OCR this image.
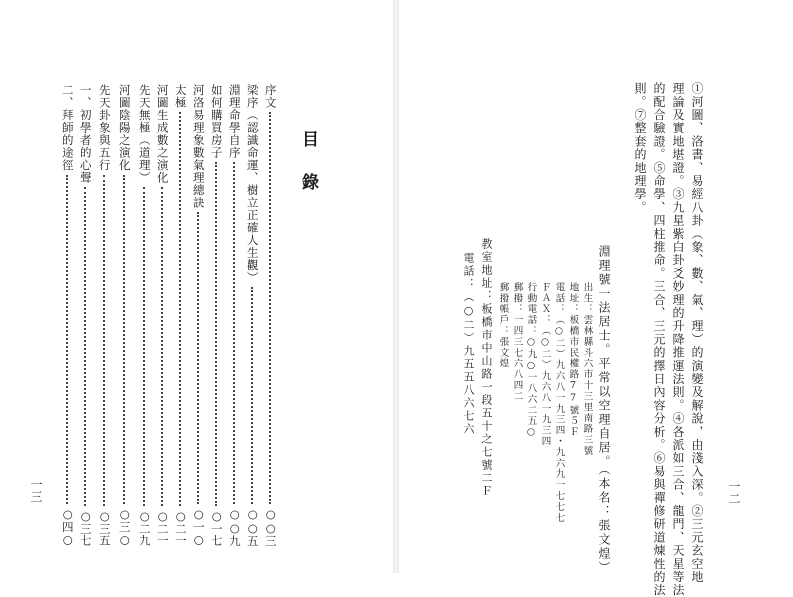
一二
①河圖、洛書、易經八卦（象、數、氣、理）的演變及解說，由淺入深。②三元玄空地
理論及實地堪證。③九星紫白卦爻妙理的升降推運法則。④各派如三合、龍門、天星等法
的配合驗證。⑤命學、四柱推命。三合、三元的擇日內容分析。⑥易與禪修研道煉性的法
則。⑦整套的地理學。
淵理號一法居士。平常以空理自居。（本名：張文煌）
出生：雲林縣斗六市十三里南路三號
地址：板橋市民權路77號５Ｆ
電話：（○二）九六八一九三四・九六九一七七七
ＦＡＸ：（○二）九六八一九三四
行動電話：○九○一八六二五○
郵撥：一四三七六八四二
郵撥帳戶：張文煌
教室地址：板橋市中山路一段五十之七號二Ｆ
電話：（○二）九五五八六七六
目錄
序文
○○三
梁序（認識命運、樹立正確人生觀）
○○五
淵理命學自序
○○九
如何購買房子
○一七
河洛易理象數氣理總訣
○一○
太極
○二一
河圖生成數之演化
○二一
先天無極（道理）
○二九
河圖陰陽之演化
○三○
先天卦象與五行
○三五
一、初學者的心聲
○三七
二、拜師的途徑
○四○
一三
